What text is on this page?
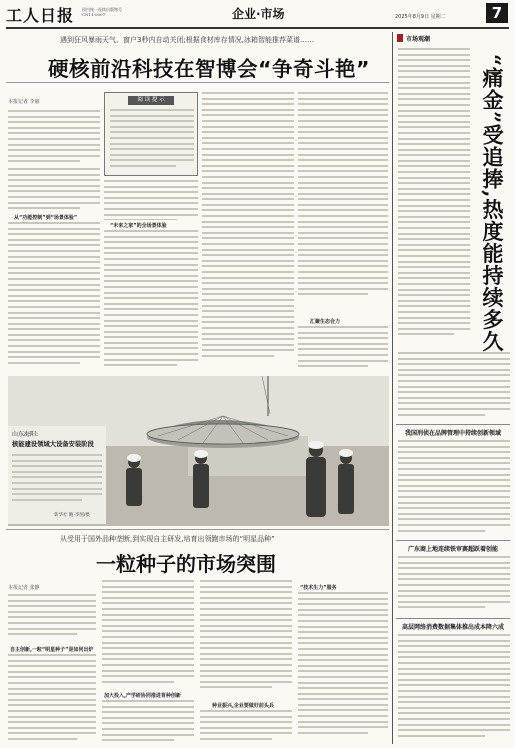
工人日报 国内统一连续出版物号 CN11-0007	企业·市场	2025年8月9日 星期二	7
遇到狂风暴雨天气、窗户3秒内自动关闭;根据食材库存情况,冰箱智能推荐菜谱……
硬核前沿科技在智博会“争奇斗艳”
本报记者 李丽
从“功能控制”到“场景体验”
阅 读 提 示
“未来之家”的全场景体验
汇聚生态合力
山东海阳:
核能建设领域大设备安装阶段
新华社 鲍·李图/摄
从受用于国外品种垄断,到实现自主研发,培育出领跑市场的“明星品种”
一粒种子的市场突围
本报记者 张静
自主创新,一粒“明星种子”是如何出炉
加大投入,产学研协同推进育种创新
种业振兴,企业要做好前头兵
“技术生力”服务
市场观潮
“痛金”受追捧,热度能持续多久
我国刑侦在品牌管理中持续创新领域
广东商上地连续铁审赛超跃着创能
高层网络消费数据集体推出成本降六成
